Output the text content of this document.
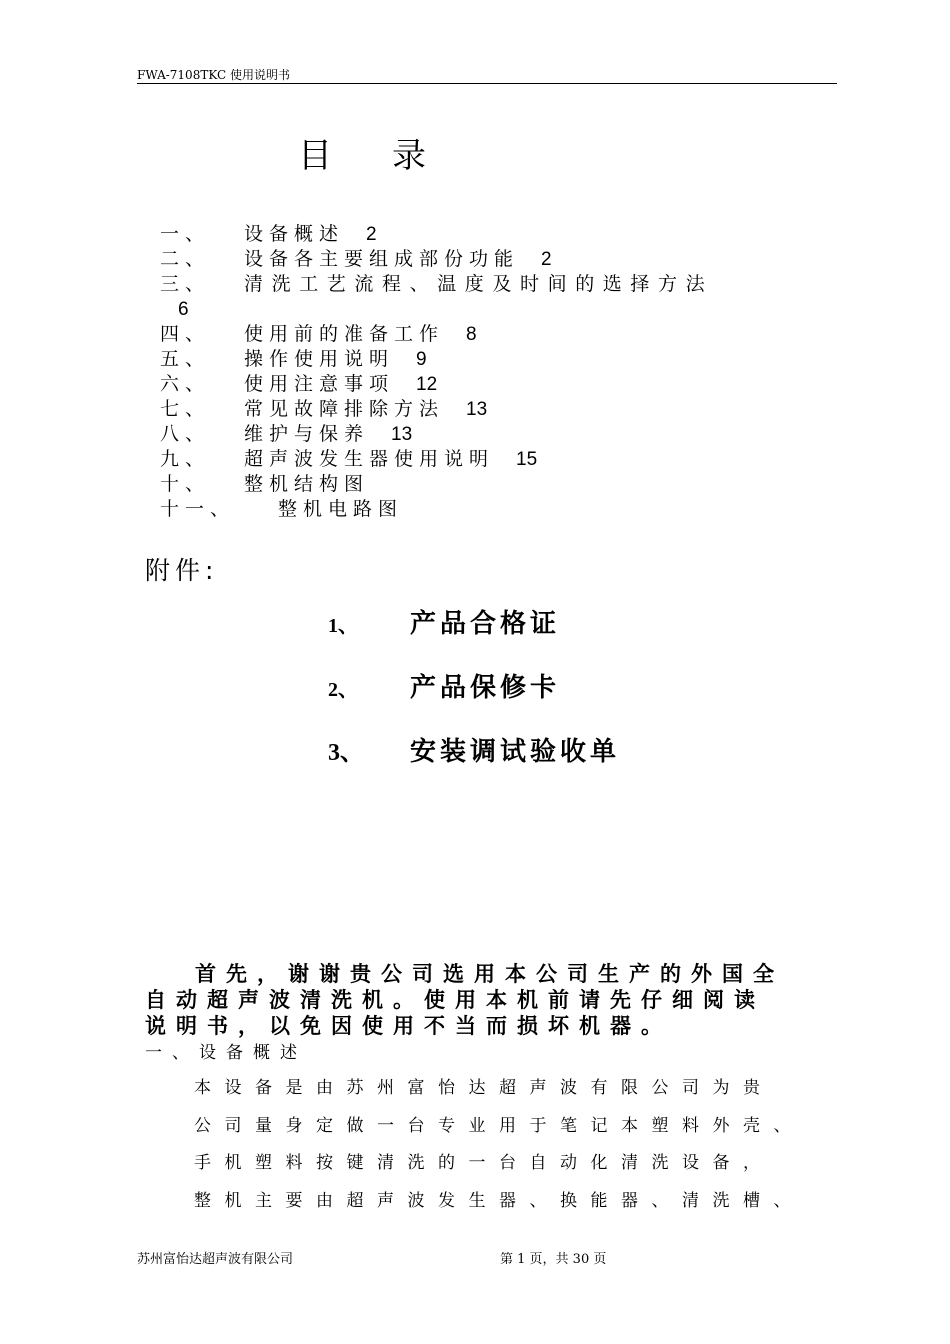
FWA-7108TKC 使用说明书
目录
一、 设备概述 2
二、 设备各主要组成部份功能 2
三、 清洗工艺流程、温度及时间的选择方法
6
四、 使用前的准备工作 8
五、 操作使用说明 9
六、 使用注意事项 12
七、 常见故障排除方法 13
八、 维护与保养 13
九、 超声波发生器使用说明 15
十、 整机结构图
十一、 整机电路图
附件:
1、 产品合格证
2、 产品保修卡
3、 安装调试验收单
首先，谢谢贵公司选用本公司生产的外国全
自动超声波清洗机。使用本机前请先仔细阅读
说明书，以免因使用不当而损坏机器。
一、设备概述
本设备是由苏州富怡达超声波有限公司为贵
公司量身定做一台专业用于笔记本塑料外壳、
手机塑料按键清洗的一台自动化清洗设备，
整机主要由超声波发生器、换能器、清洗槽、
苏州富怡达超声波有限公司	第 1 页，共 30 页
